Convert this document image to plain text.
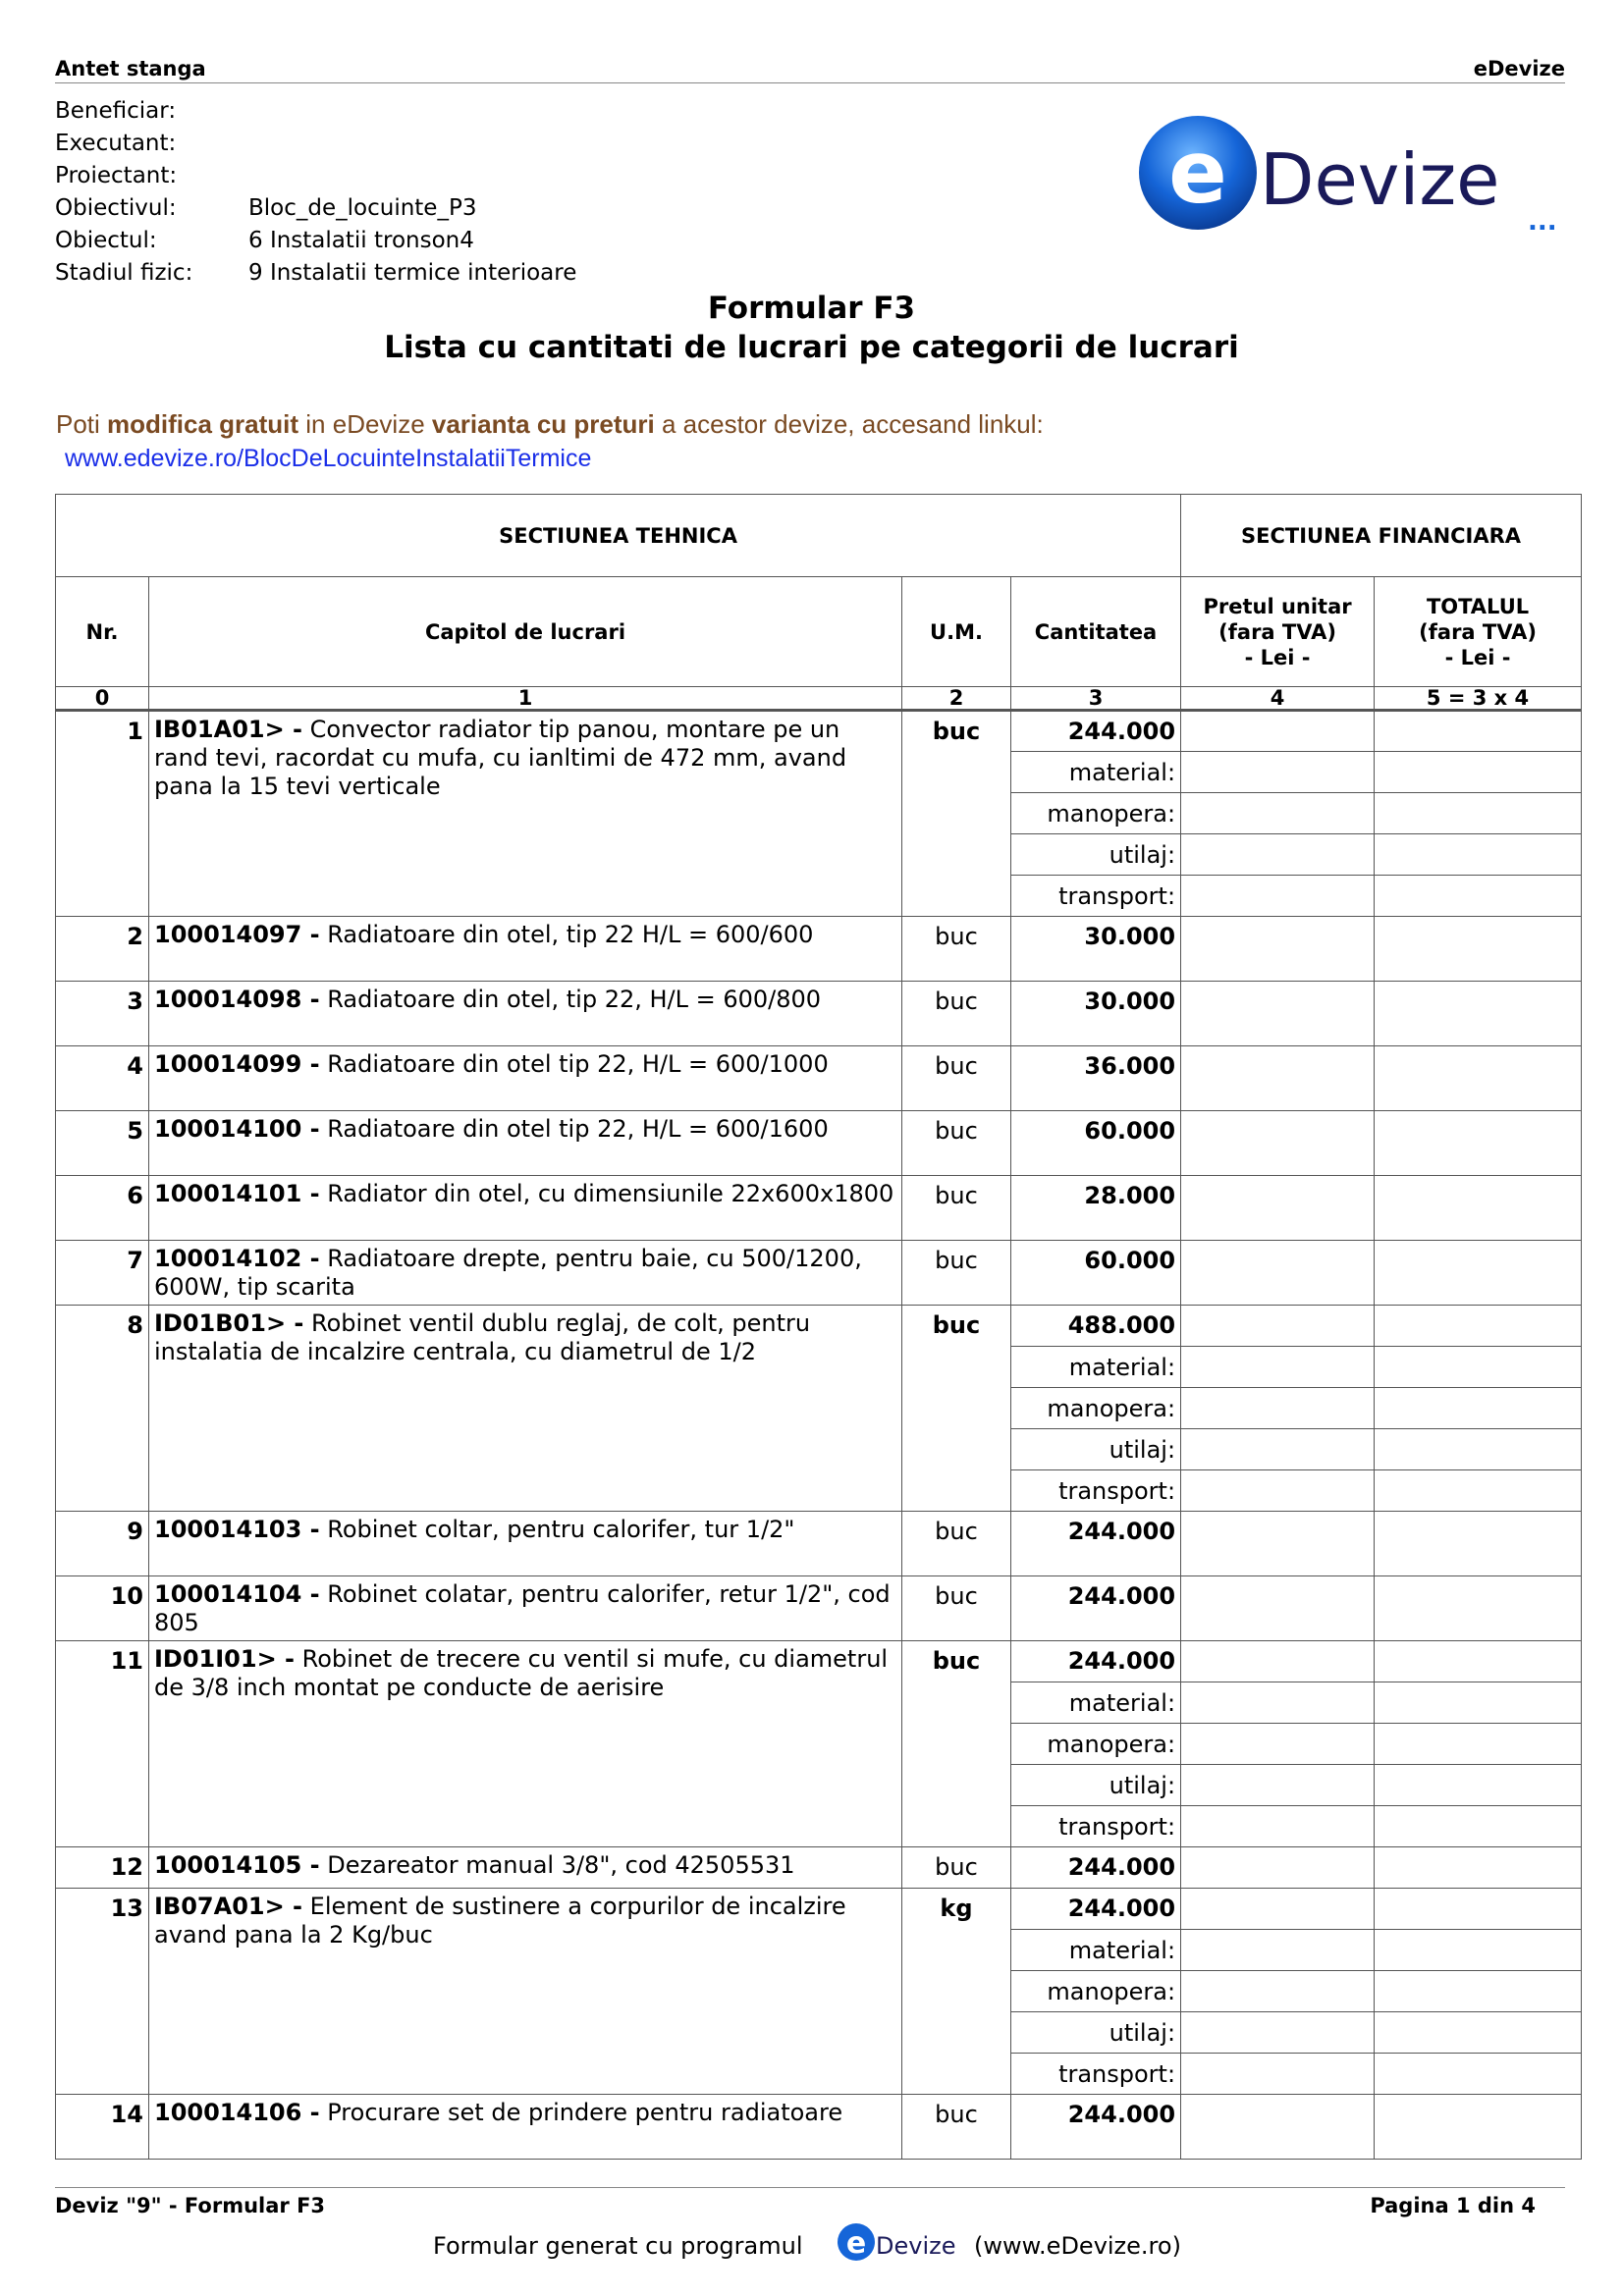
Antet stanga	eDevize
Beneficiar:
Executant:
Proiectant:
Obiectivul:	Bloc_de_locuinte_P3
Obiectul:	6 Instalatii tronson4
Stadiul fizic:	9 Instalatii termice interioare
e Devize
...
Formular F3
Lista cu cantitati de lucrari pe categorii de lucrari
Poti modifica gratuit in eDevize varianta cu preturi a acestor devize, accesand linkul:
www.edevize.ro/BlocDeLocuinteInstalatiiTermice
SECTIUNEA TEHNICA				SECTIUNEA FINANCIARA	
Nr.	Capitol de lucrari	U.M.	Cantitatea	Pretul unitar
(fara TVA)
- Lei -	TOTALUL
(fara TVA)
- Lei -
0	1	2	3	4	5 = 3 x 4
1	IB01A01> - Convector radiator tip panou, montare pe un rand tevi, racordat cu mufa, cu ianltimi de 472 mm, avand pana la 15 tevi verticale	buc	244.000		
			material:		
			manopera:		
			utilaj:		
			transport:		
2	100014097 - Radiatoare din otel, tip 22 H/L = 600/600	buc	30.000		
3	100014098 - Radiatoare din otel, tip 22, H/L = 600/800	buc	30.000		
4	100014099 - Radiatoare din otel tip 22, H/L = 600/1000	buc	36.000		
5	100014100 - Radiatoare din otel tip 22, H/L = 600/1600	buc	60.000		
6	100014101 - Radiator din otel, cu dimensiunile 22x600x1800	buc	28.000		
7	100014102 - Radiatoare drepte, pentru baie, cu 500/1200, 600W, tip scarita	buc	60.000		
8	ID01B01> - Robinet ventil dublu reglaj, de colt, pentru instalatia de incalzire centrala, cu diametrul de 1/2	buc	488.000		
			material:		
			manopera:		
			utilaj:		
			transport:		
9	100014103 - Robinet coltar, pentru calorifer, tur 1/2"	buc	244.000		
10	100014104 - Robinet colatar, pentru calorifer, retur 1/2", cod 805	buc	244.000		
11	ID01I01> - Robinet de trecere cu ventil si mufe, cu diametrul de 3/8 inch montat pe conducte de aerisire	buc	244.000		
			material:		
			manopera:		
			utilaj:		
			transport:		
12	100014105 - Dezareator manual 3/8", cod 42505531	buc	244.000		
13	IB07A01> - Element de sustinere a corpurilor de incalzire avand pana la 2 Kg/buc	kg	244.000		
			material:		
			manopera:		
			utilaj:		
			transport:		
14	100014106 - Procurare set de prindere pentru radiatoare	buc	244.000		
Deviz "9" - Formular F3	Pagina 1 din 4
Formular generat cu programul e Devize (www.eDevize.ro)
